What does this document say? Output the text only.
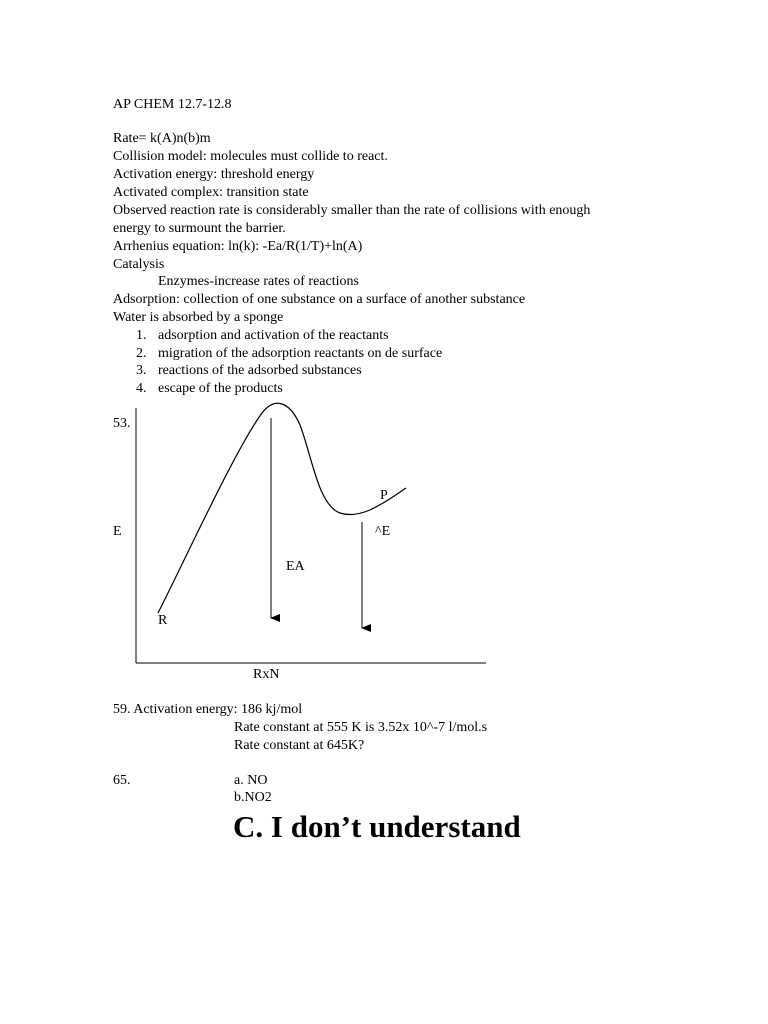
AP CHEM 12.7-12.8
Rate= k(A)n(b)m
Collision model: molecules must collide to react.
Activation energy: threshold energy
Activated complex: transition state
Observed reaction rate is considerably smaller than the rate of collisions with enough
energy to surmount the barrier.
Arrhenius equation: ln(k): -Ea/R(1/T)+ln(A)
Catalysis
Enzymes-increase rates of reactions
Adsorption: collection of one substance on a surface of another substance
Water is absorbed by a sponge
1. adsorption and activation of the reactants
2. migration of the adsorption reactants on de surface
3. reactions of the adsorbed substances
4. escape of the products
53.
E
RxN
R
P
EA
^E
59. Activation energy: 186 kj/mol
Rate constant at 555 K is 3.52x 10^-7 l/mol.s
Rate constant at 645K?
65.	a. NO
b.NO2
C. I don’t understand
